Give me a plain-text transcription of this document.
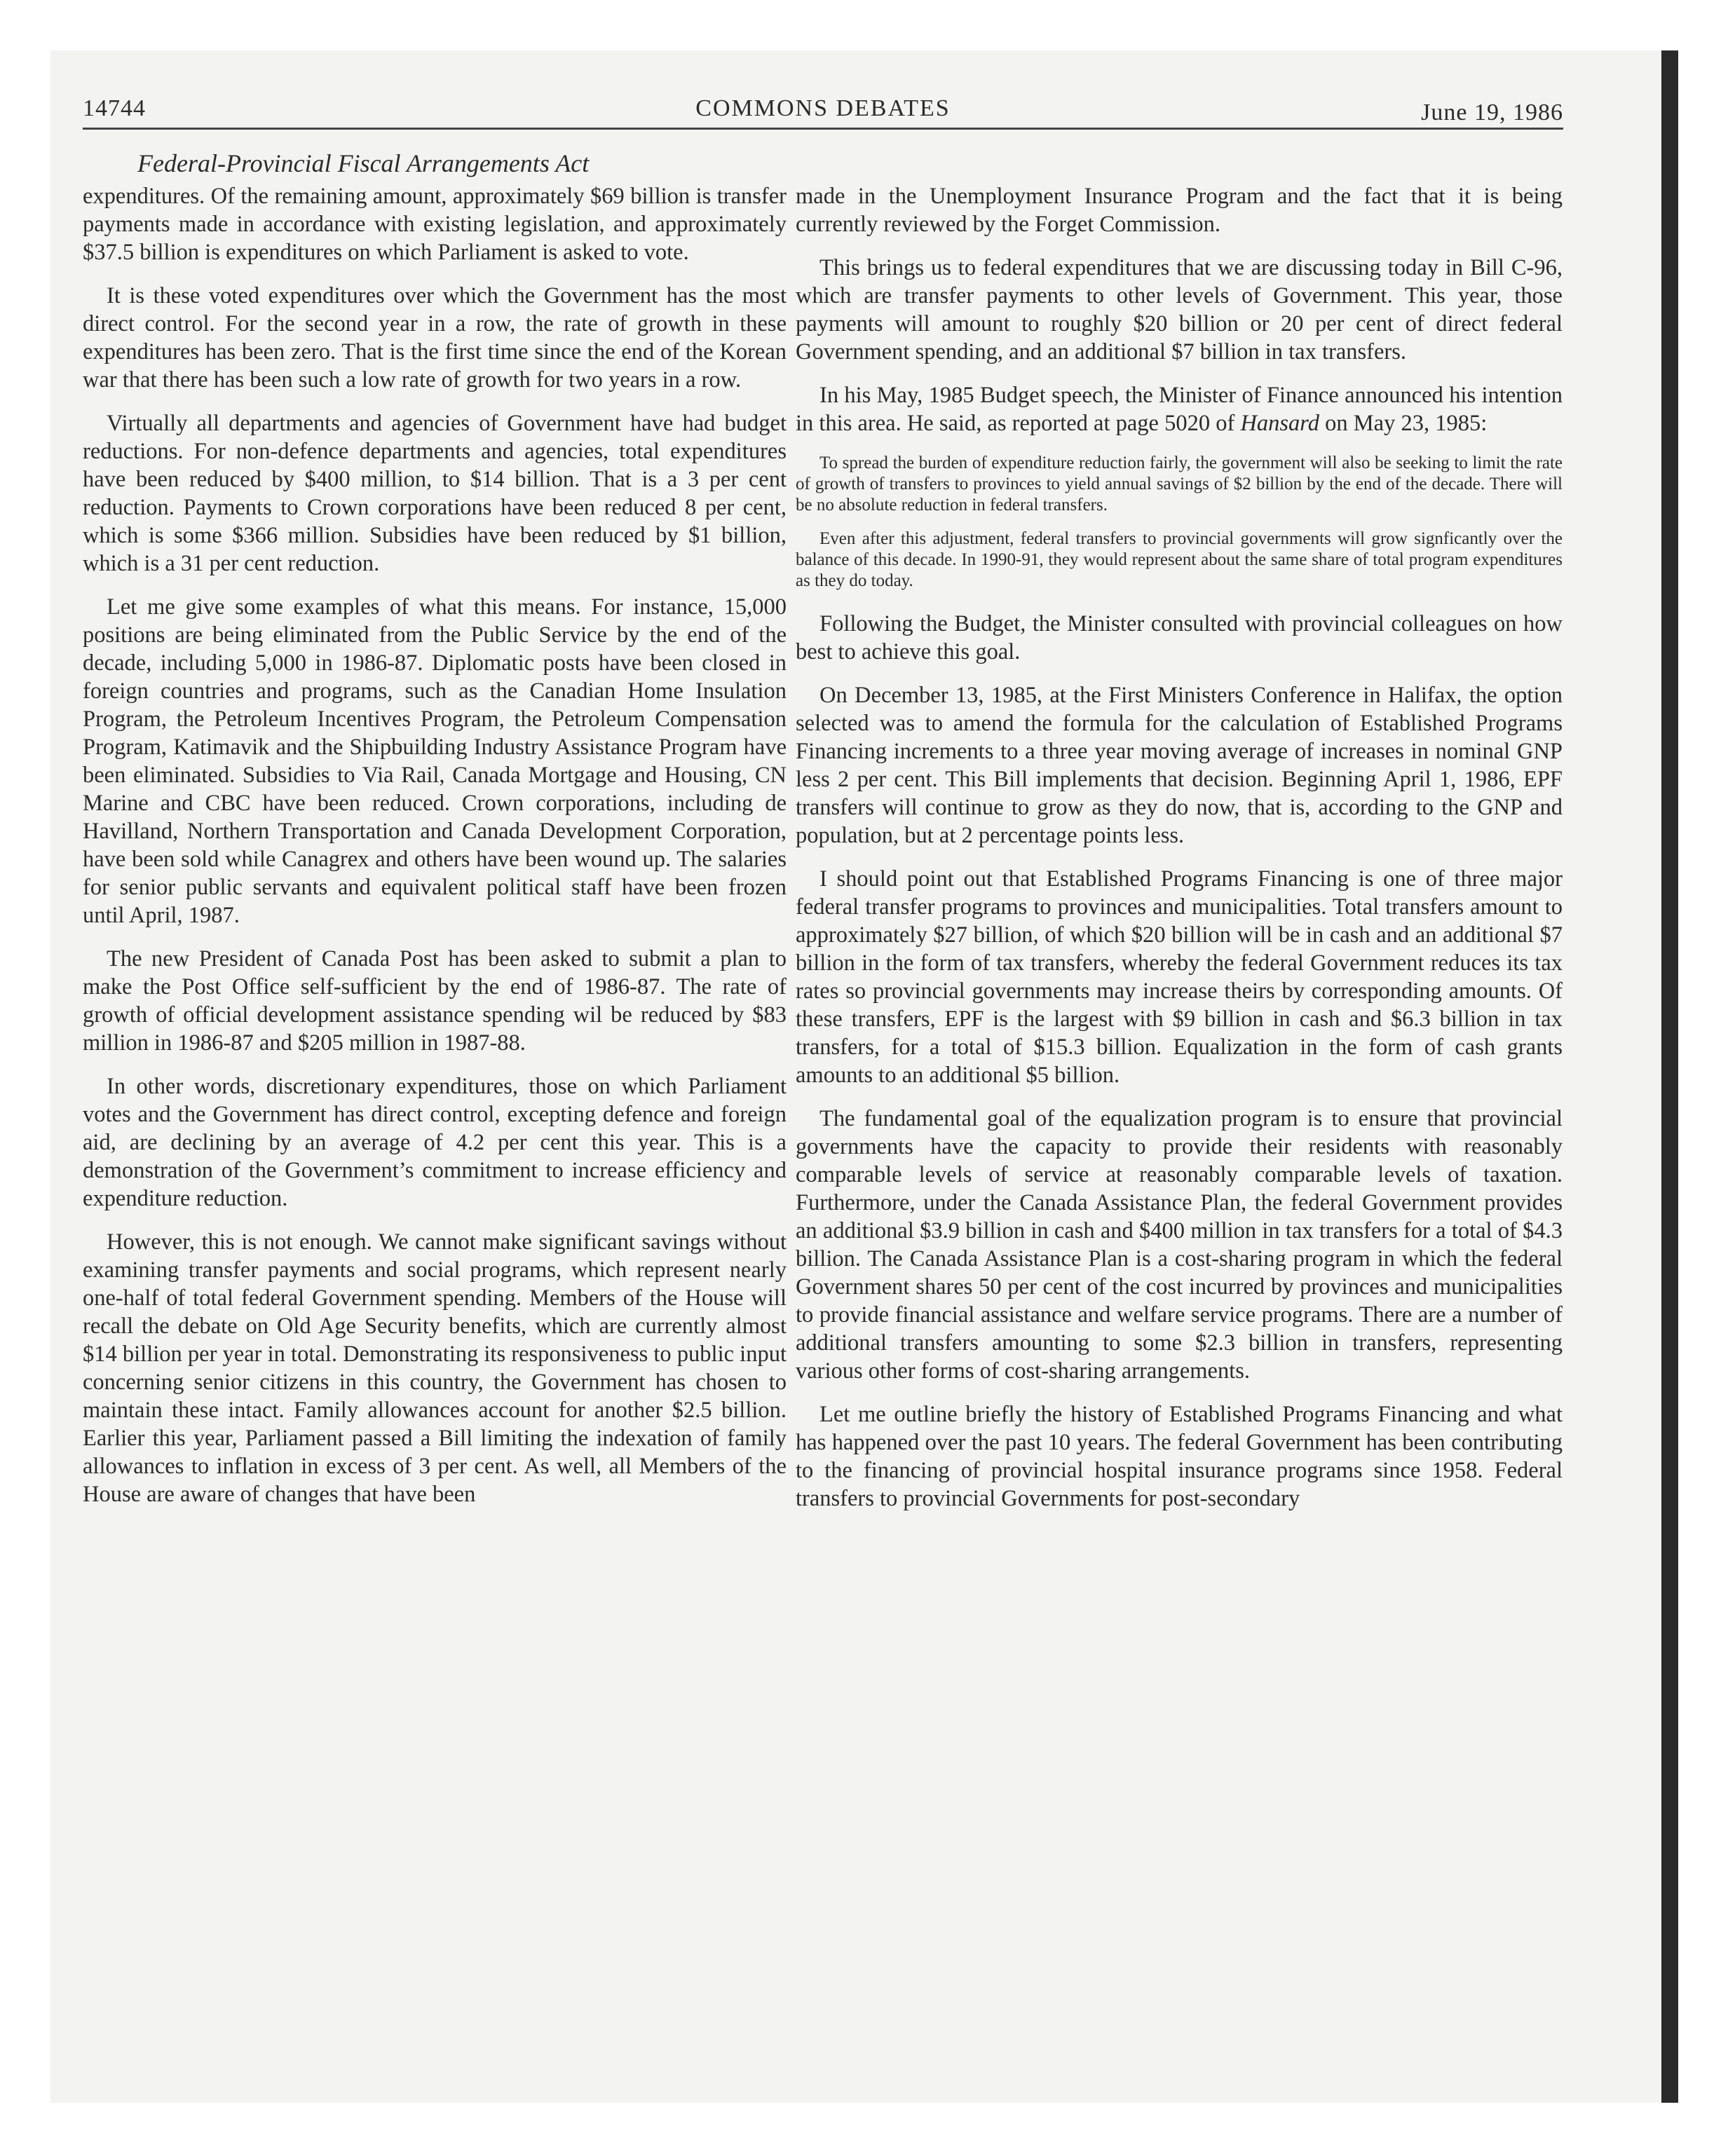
14744	COMMONS DEBATES	June 19, 1986
Federal-Provincial Fiscal Arrangements Act

expenditures. Of the remaining amount, approximately $69 billion is transfer payments made in accordance with existing legislation, and approximately $37.5 billion is expenditures on which Parliament is asked to vote.

It is these voted expenditures over which the Government has the most direct control. For the second year in a row, the rate of growth in these expenditures has been zero. That is the first time since the end of the Korean war that there has been such a low rate of growth for two years in a row.

Virtually all departments and agencies of Government have had budget reductions. For non-defence departments and agencies, total expenditures have been reduced by $400 million, to $14 billion. That is a 3 per cent reduction. Payments to Crown corporations have been reduced 8 per cent, which is some $366 million. Subsidies have been reduced by $1 billion, which is a 31 per cent reduction.

Let me give some examples of what this means. For instance, 15,000 positions are being eliminated from the Public Service by the end of the decade, including 5,000 in 1986-87. Diplomatic posts have been closed in foreign countries and programs, such as the Canadian Home Insulation Program, the Petroleum Incentives Program, the Petroleum Compensation Program, Katimavik and the Shipbuilding Industry Assistance Program have been eliminated. Subsidies to Via Rail, Canada Mortgage and Housing, CN Marine and CBC have been reduced. Crown corporations, including de Havilland, Northern Transportation and Canada Development Corporation, have been sold while Canagrex and others have been wound up. The salaries for senior public servants and equivalent political staff have been frozen until April, 1987.

The new President of Canada Post has been asked to submit a plan to make the Post Office self-sufficient by the end of 1986-87. The rate of growth of official development assistance spending wil be reduced by $83 million in 1986-87 and $205 million in 1987-88.

In other words, discretionary expenditures, those on which Parliament votes and the Government has direct control, excepting defence and foreign aid, are declining by an average of 4.2 per cent this year. This is a demonstration of the Government’s commitment to increase efficiency and expenditure reduction.

However, this is not enough. We cannot make significant savings without examining transfer payments and social programs, which represent nearly one-half of total federal Government spending. Members of the House will recall the debate on Old Age Security benefits, which are currently almost $14 billion per year in total. Demonstrating its responsiveness to public input concerning senior citizens in this country, the Government has chosen to maintain these intact. Family allowances account for another $2.5 billion. Earlier this year, Parliament passed a Bill limiting the indexation of family allowances to inflation in excess of 3 per cent. As well, all Members of the House are aware of changes that have been

made in the Unemployment Insurance Program and the fact that it is being currently reviewed by the Forget Commission.

This brings us to federal expenditures that we are discussing today in Bill C-96, which are transfer payments to other levels of Government. This year, those payments will amount to roughly $20 billion or 20 per cent of direct federal Government spending, and an additional $7 billion in tax transfers.

In his May, 1985 Budget speech, the Minister of Finance announced his intention in this area. He said, as reported at page 5020 of Hansard on May 23, 1985:

To spread the burden of expenditure reduction fairly, the government will also be seeking to limit the rate of growth of transfers to provinces to yield annual savings of $2 billion by the end of the decade. There will be no absolute reduction in federal transfers.

Even after this adjustment, federal transfers to provincial governments will grow signficantly over the balance of this decade. In 1990-91, they would represent about the same share of total program expenditures as they do today.

Following the Budget, the Minister consulted with provincial colleagues on how best to achieve this goal.

On December 13, 1985, at the First Ministers Conference in Halifax, the option selected was to amend the formula for the calculation of Established Programs Financing increments to a three year moving average of increases in nominal GNP less 2 per cent. This Bill implements that decision. Beginning April 1, 1986, EPF transfers will continue to grow as they do now, that is, according to the GNP and population, but at 2 percentage points less.

I should point out that Established Programs Financing is one of three major federal transfer programs to provinces and municipalities. Total transfers amount to approximately $27 billion, of which $20 billion will be in cash and an additional $7 billion in the form of tax transfers, whereby the federal Government reduces its tax rates so provincial governments may increase theirs by corresponding amounts. Of these transfers, EPF is the largest with $9 billion in cash and $6.3 billion in tax transfers, for a total of $15.3 billion. Equalization in the form of cash grants amounts to an additional $5 billion.

The fundamental goal of the equalization program is to ensure that provincial governments have the capacity to provide their residents with reasonably comparable levels of service at reasonably comparable levels of taxation. Furthermore, under the Canada Assistance Plan, the federal Government provides an additional $3.9 billion in cash and $400 million in tax transfers for a total of $4.3 billion. The Canada Assistance Plan is a cost-sharing program in which the federal Government shares 50 per cent of the cost incurred by provinces and municipalities to provide financial assistance and welfare service programs. There are a number of additional transfers amounting to some $2.3 billion in transfers, representing various other forms of cost-sharing arrangements.

Let me outline briefly the history of Established Programs Financing and what has happened over the past 10 years. The federal Government has been contributing to the financing of provincial hospital insurance programs since 1958. Federal transfers to provincial Governments for post-secondary
